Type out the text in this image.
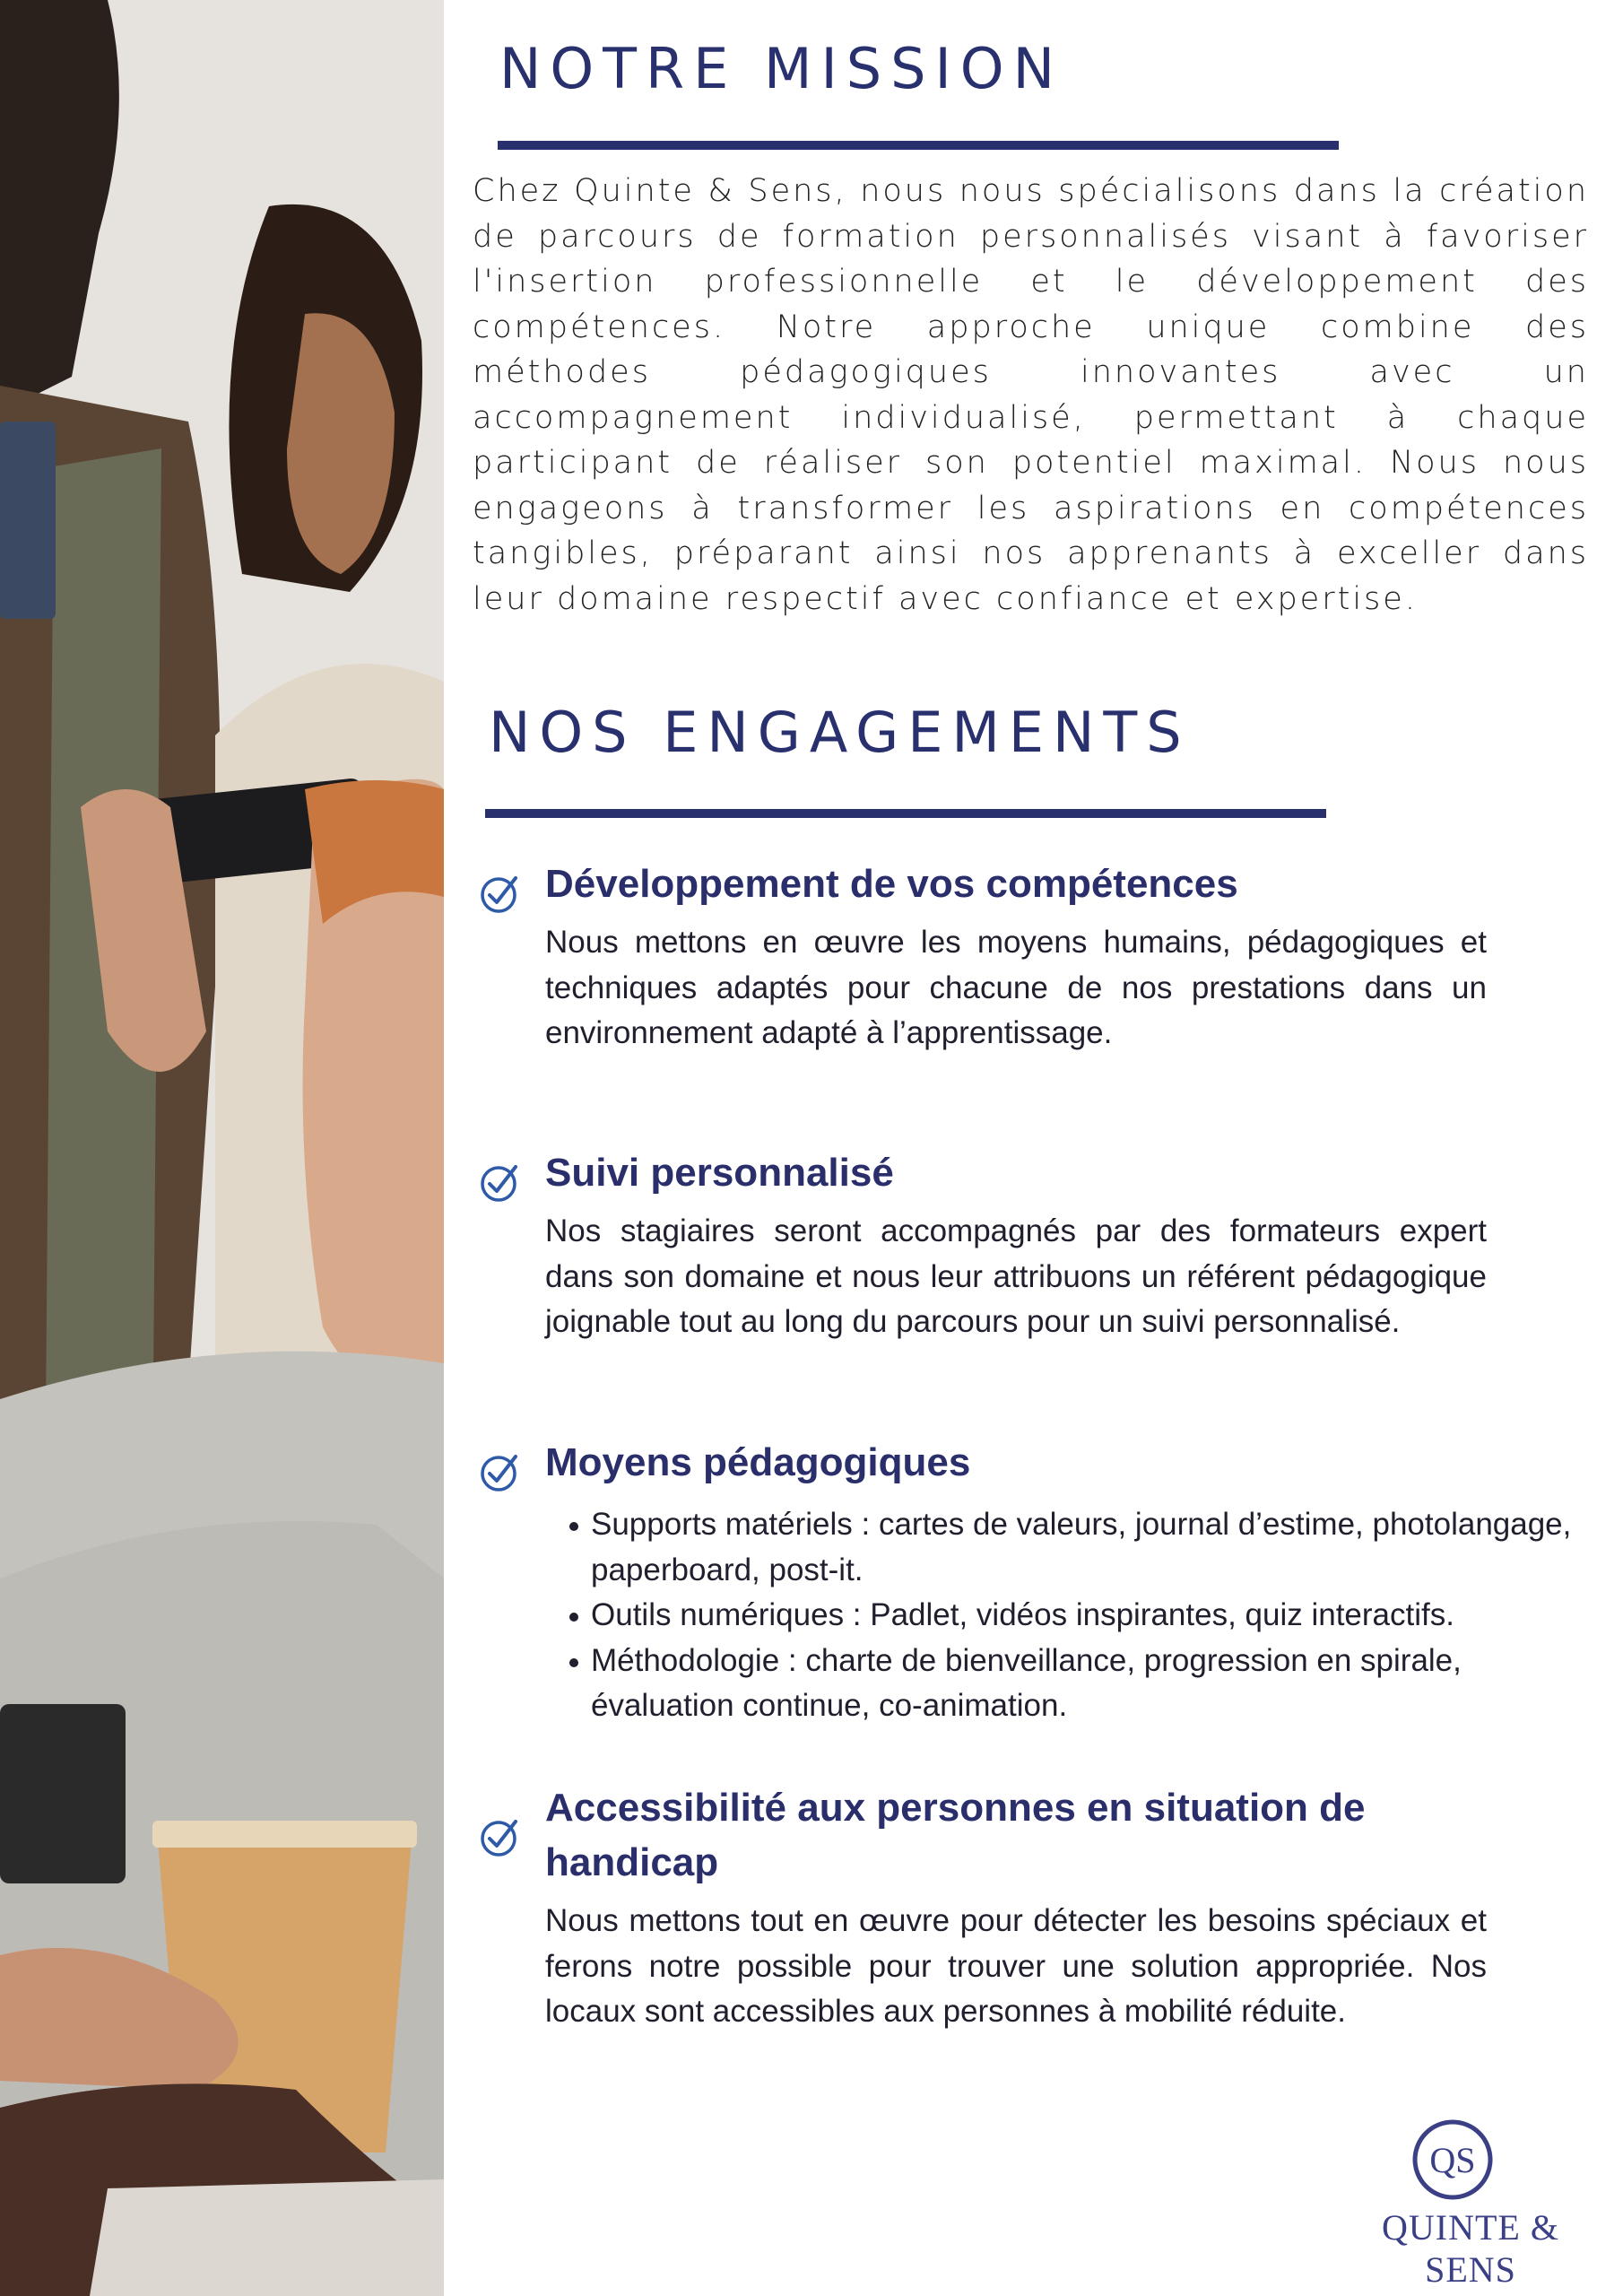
NOTRE MISSION

Chez Quinte & Sens, nous nous spécialisons dans la création de parcours de formation personnalisés visant à favoriser l'insertion professionnelle et le développement des compétences. Notre approche unique combine des méthodes pédagogiques innovantes avec un accompagnement individualisé, permettant à chaque participant de réaliser son potentiel maximal. Nous nous engageons à transformer les aspirations en compétences tangibles, préparant ainsi nos apprenants à exceller dans leur domaine respectif avec confiance et expertise.

NOS ENGAGEMENTS
Développement de vos compétences

Nous mettons en œuvre les moyens humains, pédagogiques et techniques adaptés pour chacune de nos prestations dans un environnement adapté à l’apprentissage.

Suivi personnalisé

Nos stagiaires seront accompagnés par des formateurs expert dans son domaine et nous leur attribuons un référent pédagogique joignable tout au long du parcours pour un suivi personnalisé.

Moyens pédagogiques
Supports matériels : cartes de valeurs, journal d’estime, photolangage, paperboard, post-it.
Outils numériques : Padlet, vidéos inspirantes, quiz interactifs.
Méthodologie : charte de bienveillance, progression en spirale, évaluation continue, co-animation.
Accessibilité aux personnes en situation de handicap

Nous mettons tout en œuvre pour détecter les besoins spéciaux et ferons notre possible pour trouver une solution appropriée. Nos locaux sont accessibles aux personnes à mobilité réduite.

QS
QUINTE & SENS
